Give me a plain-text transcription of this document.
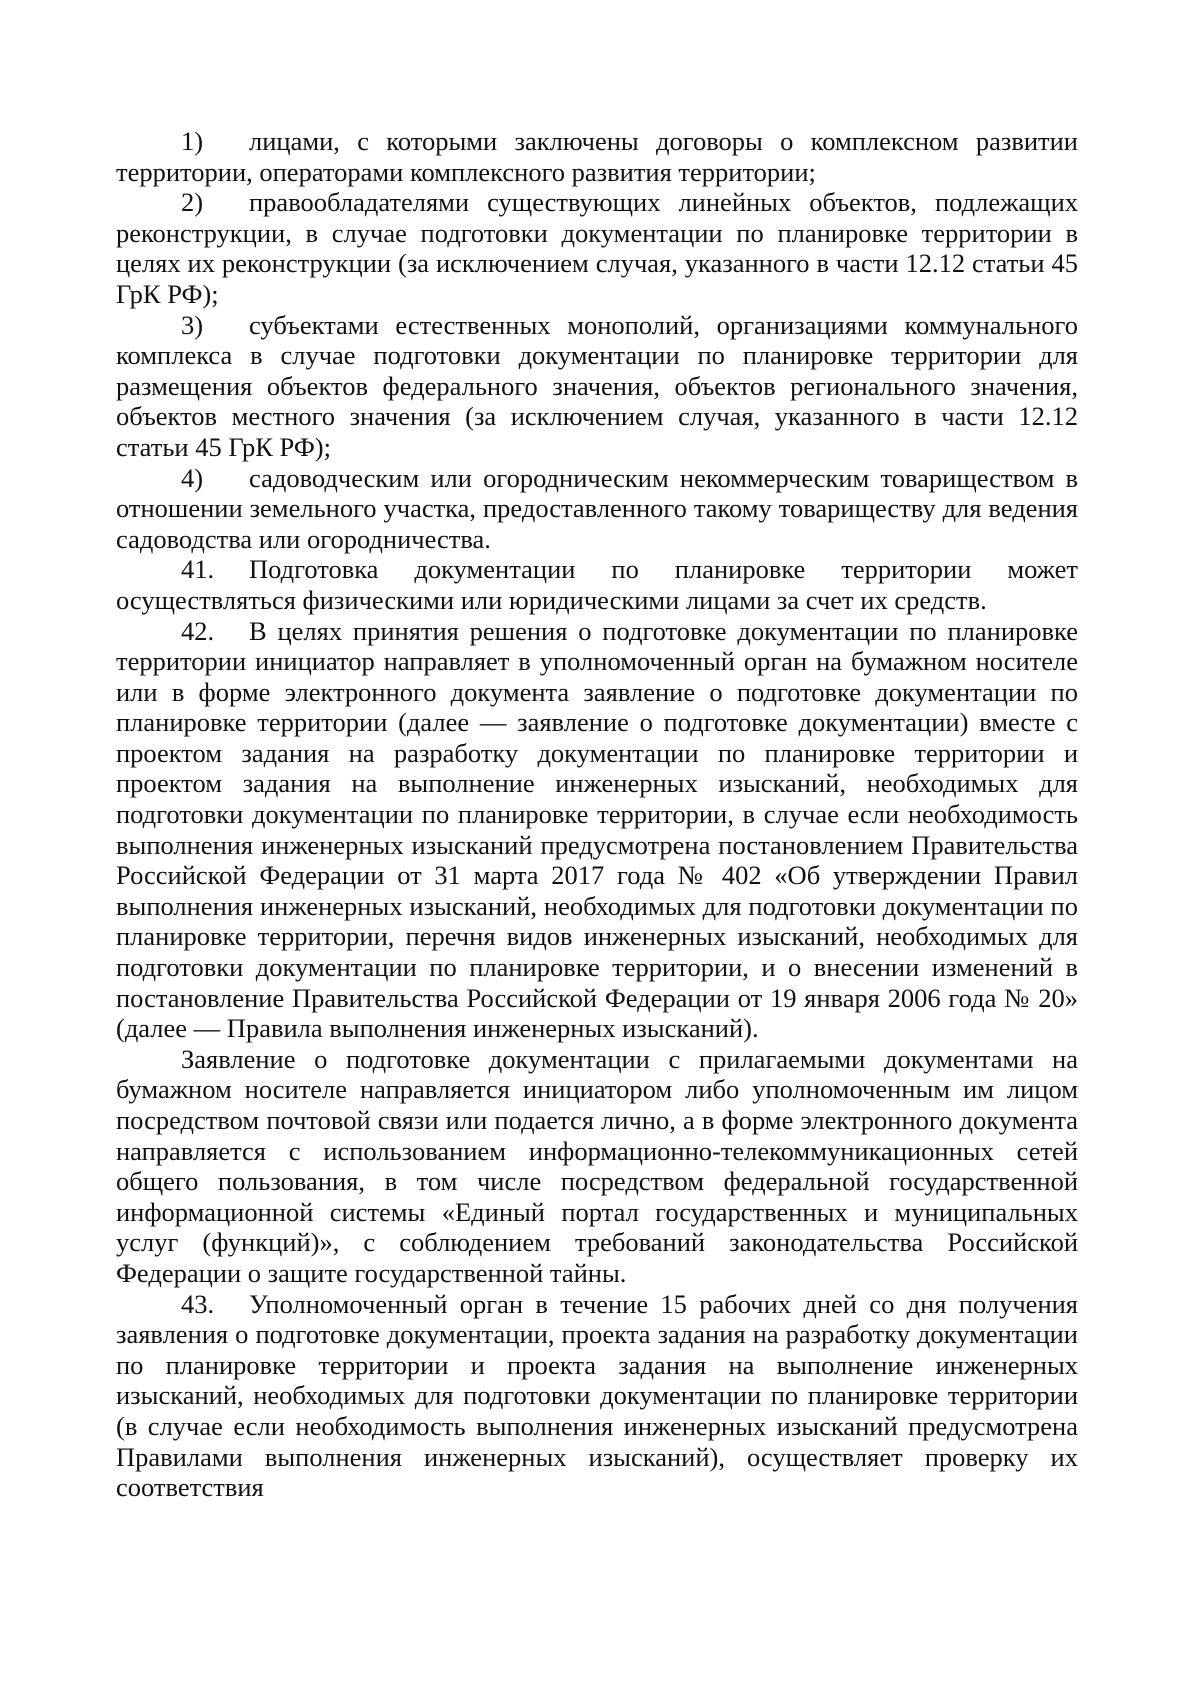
1) лицами, с которыми заключены договоры о комплексном развитии территории, операторами комплексного развития территории;

2) правообладателями существующих линейных объектов, подлежащих реконструкции, в случае подготовки документации по планировке территории в целях их реконструкции (за исключением случая, указанного в части 12.12 статьи 45 ГрК РФ);

3) субъектами естественных монополий, организациями коммунального комплекса в случае подготовки документации по планировке территории для размещения объектов федерального значения, объектов регионального значения, объектов местного значения (за исключением случая, указанного в части 12.12 статьи 45 ГрК РФ);

4) садоводческим или огородническим некоммерческим товариществом в отношении земельного участка, предоставленного такому товариществу для ведения садоводства или огородничества.

41. Подготовка документации по планировке территории может осуществляться физическими или юридическими лицами за счет их средств.

42. В целях принятия решения о подготовке документации по планировке территории инициатор направляет в уполномоченный орган на бумажном носителе или в форме электронного документа заявление о подготовке документации по планировке территории (далее — заявление о подготовке документации) вместе с проектом задания на разработку документации по планировке территории и проектом задания на выполнение инженерных изысканий, необходимых для подготовки документации по планировке территории, в случае если необходимость выполнения инженерных изысканий предусмотрена постановлением Правительства Российской Федерации от 31 марта 2017 года № 402 «Об утверждении Правил выполнения инженерных изысканий, необходимых для подготовки документации по планировке территории, перечня видов инженерных изысканий, необходимых для подготовки документации по планировке территории, и о внесении изменений в постановление Правительства Российской Федерации от 19 января 2006 года № 20» (далее — Правила выполнения инженерных изысканий).

Заявление о подготовке документации с прилагаемыми документами на бумажном носителе направляется инициатором либо уполномоченным им лицом посредством почтовой связи или подается лично, а в форме электронного документа направляется с использованием информационно-телекоммуникационных сетей общего пользования, в том числе посредством федеральной государственной информационной системы «Единый портал государственных и муниципальных услуг (функций)», с соблюдением требований законодательства Российской Федерации о защите государственной тайны.

43. Уполномоченный орган в течение 15 рабочих дней со дня получения заявления о подготовке документации, проекта задания на разработку документации по планировке территории и проекта задания на выполнение инженерных изысканий, необходимых для подготовки документации по планировке территории (в случае если необходимость выполнения инженерных изысканий предусмотрена Правилами выполнения инженерных изысканий), осуществляет проверку их соответствия
